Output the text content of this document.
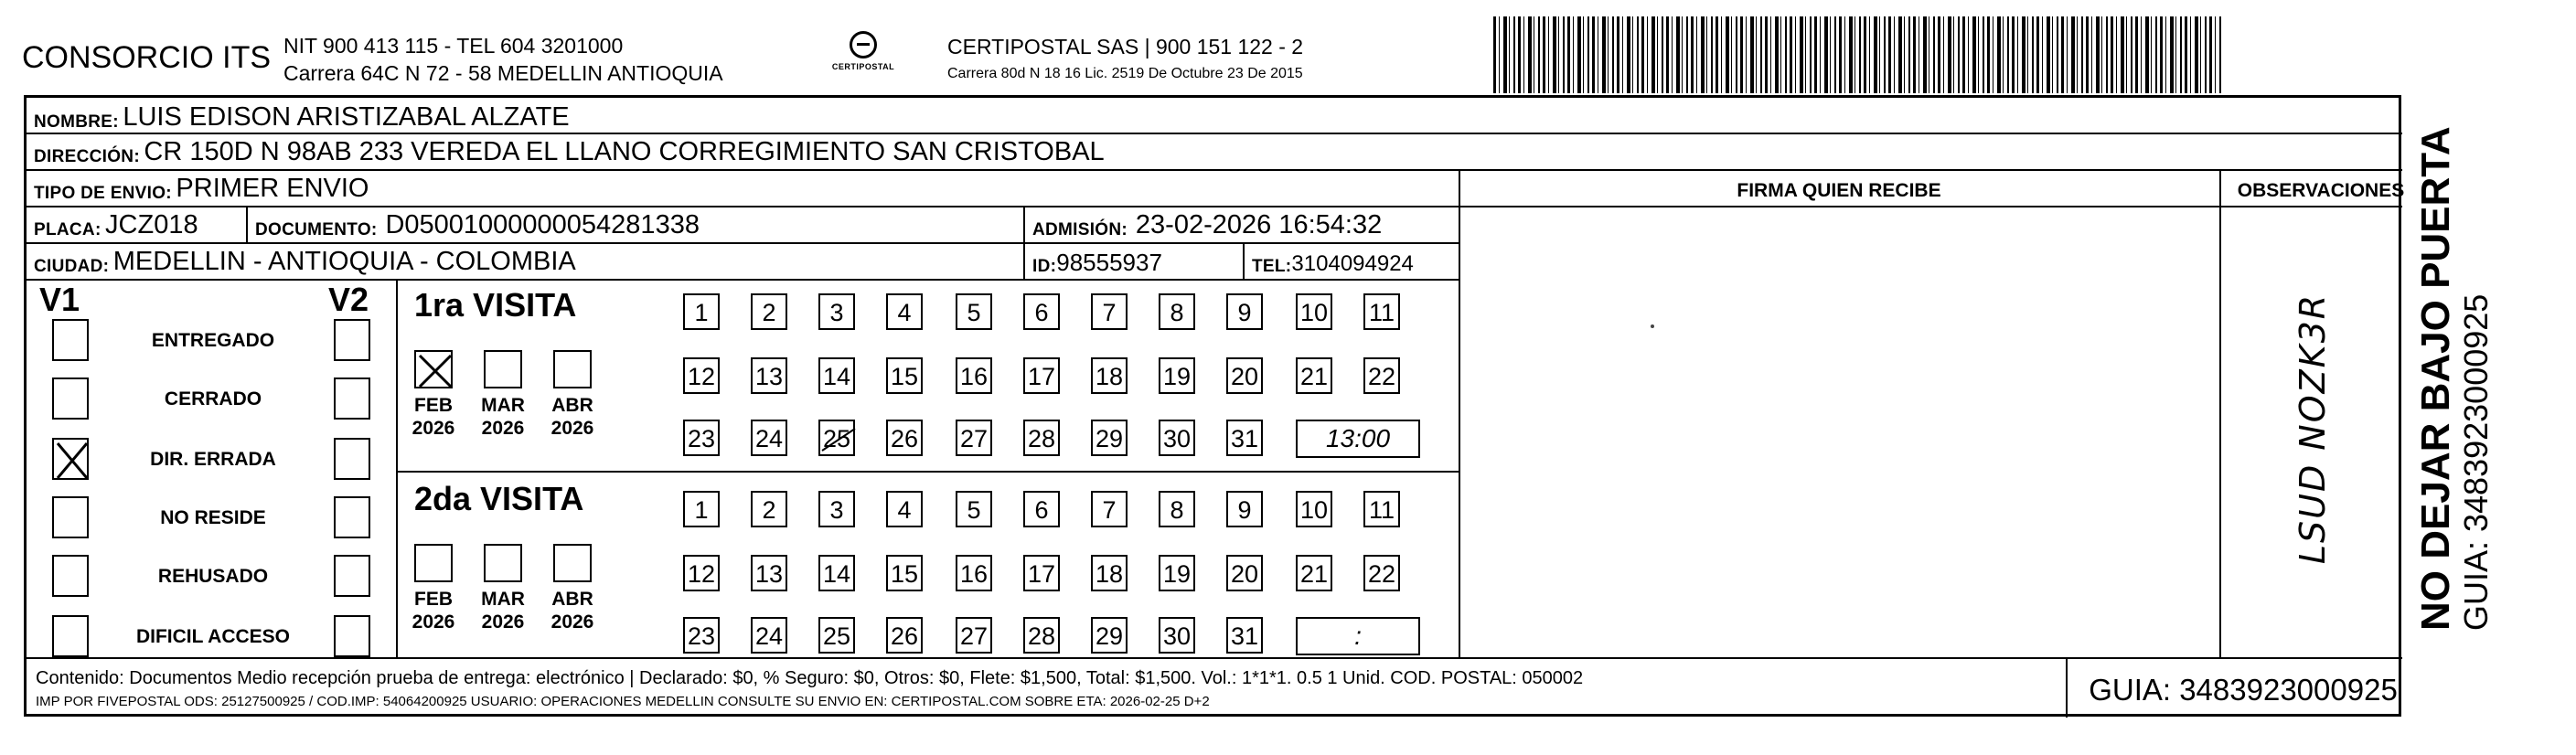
CONSORCIO ITS NIT 900 413 115 - TEL 604 3201000
Carrera 64C N 72 - 58 MEDELLIN ANTIOQUIA	CERTIPOSTAL
CERTIPOSTAL SAS | 900 151 122 - 2
Carrera 80d N 18 16 Lic. 2519 De Octubre 23 De 2015
NOMBRE:
LUIS EDISON ARISTIZABAL ALZATE
DIRECCIÓN:
CR 150D N 98AB 233 VEREDA EL LLANO CORREGIMIENTO SAN CRISTOBAL
TIPO DE ENVIO:
PRIMER ENVIO	FIRMA QUIEN RECIBE	OBSERVACIONES
PLACA:
JCZ018	DOCUMENTO:
D05001000000054281338	ADMISIÓN:
23-02-2026 16:54:32
CIUDAD:
MEDELLIN - ANTIOQUIA - COLOMBIA	ID: 98555937	TEL: 3104094924
V1	V2
ENTREGADO
CERRADO
DIR. ERRADA
NO RESIDE
REHUSADO
DIFICIL ACCESO
1ra VISITA
FEB
2026
MAR
2026
ABR
2026
1	2	3	4	5	6	7	8	9	10 11
12 13 14 15 16 17 18 19 20 21 22
23 24 25 26 27 28 29 30 31	13:00
2da VISITA
FEB
2026
MAR
2026
ABR
2026
1	2	3	4	5	6	7	8	9	10 11
12 13 14 15 16 17 18 19 20 21 22
23 24 25 26 27 28 29 30 31	:
LSUD NOZK3R
Contenido: Documentos Medio recepción prueba de entrega: electrónico | Declarado: $0, % Seguro: $0, Otros: $0, Flete: $1,500, Total: $1,500. Vol.: 1*1*1. 0.5 1 Unid. COD. POSTAL: 050002
IMP POR FIVEPOSTAL ODS: 25127500925 / COD.IMP: 54064200925 USUARIO: OPERACIONES MEDELLIN CONSULTE SU ENVIO EN: CERTIPOSTAL.COM SOBRE ETA: 2026-02-25 D+2	GUIA: 3483923000925
NO DEJAR BAJO PUERTA GUIA: 3483923000925
